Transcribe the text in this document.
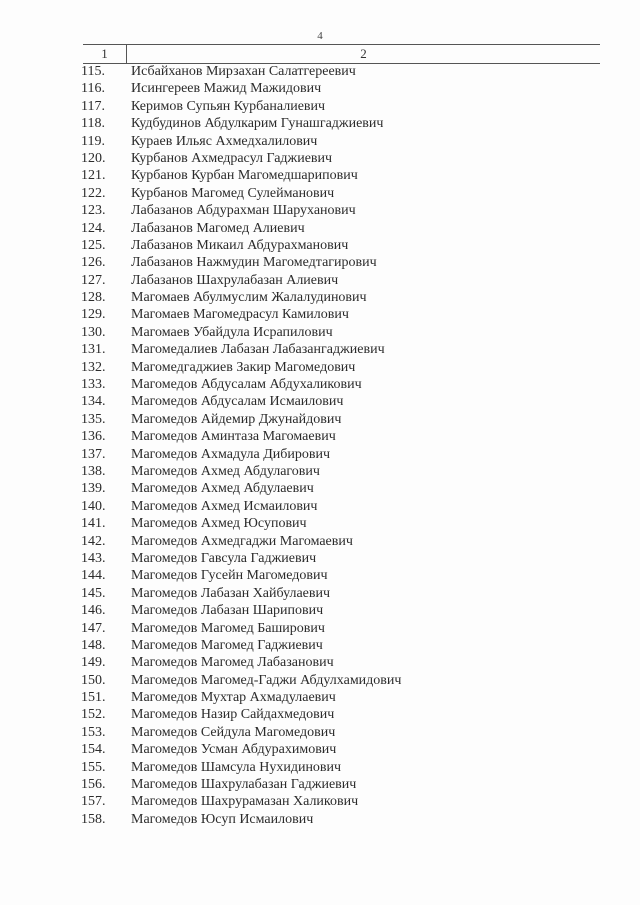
4
1	2
115.	Исбайханов Мирзахан Салатгереевич
116.	Исингереев Мажид Мажидович
117.	Керимов Супьян Курбаналиевич
118.	Кудбудинов Абдулкарим Гунашгаджиевич
119.	Кураев Ильяс Ахмедхалилович
120.	Курбанов Ахмедрасул Гаджиевич
121.	Курбанов Курбан Магомедшарипович
122.	Курбанов Магомед Сулейманович
123.	Лабазанов Абдурахман Шаруханович
124.	Лабазанов Магомед Алиевич
125.	Лабазанов Микаил Абдурахманович
126.	Лабазанов Нажмудин Магомедтагирович
127.	Лабазанов Шахрулабазан Алиевич
128.	Магомаев Абулмуслим Жалалудинович
129.	Магомаев Магомедрасул Камилович
130.	Магомаев Убайдула Исрапилович
131.	Магомедалиев Лабазан Лабазангаджиевич
132.	Магомедгаджиев Закир Магомедович
133.	Магомедов Абдусалам Абдухаликович
134.	Магомедов Абдусалам Исмаилович
135.	Магомедов Айдемир Джунайдович
136.	Магомедов Аминтаза Магомаевич
137.	Магомедов Ахмадула Дибирович
138.	Магомедов Ахмед Абдулагович
139.	Магомедов Ахмед Абдулаевич
140.	Магомедов Ахмед Исмаилович
141.	Магомедов Ахмед Юсупович
142.	Магомедов Ахмедгаджи Магомаевич
143.	Магомедов Гавсула Гаджиевич
144.	Магомедов Гусейн Магомедович
145.	Магомедов Лабазан Хайбулаевич
146.	Магомедов Лабазан Шарипович
147.	Магомедов Магомед Баширович
148.	Магомедов Магомед Гаджиевич
149.	Магомедов Магомед Лабазанович
150.	Магомедов Магомед-Гаджи Абдулхамидович
151.	Магомедов Мухтар Ахмадулаевич
152.	Магомедов Назир Сайдахмедович
153.	Магомедов Сейдула Магомедович
154.	Магомедов Усман Абдурахимович
155.	Магомедов Шамсула Нухидинович
156.	Магомедов Шахрулабазан Гаджиевич
157.	Магомедов Шахрурамазан Халикович
158.	Магомедов Юсуп Исмаилович
